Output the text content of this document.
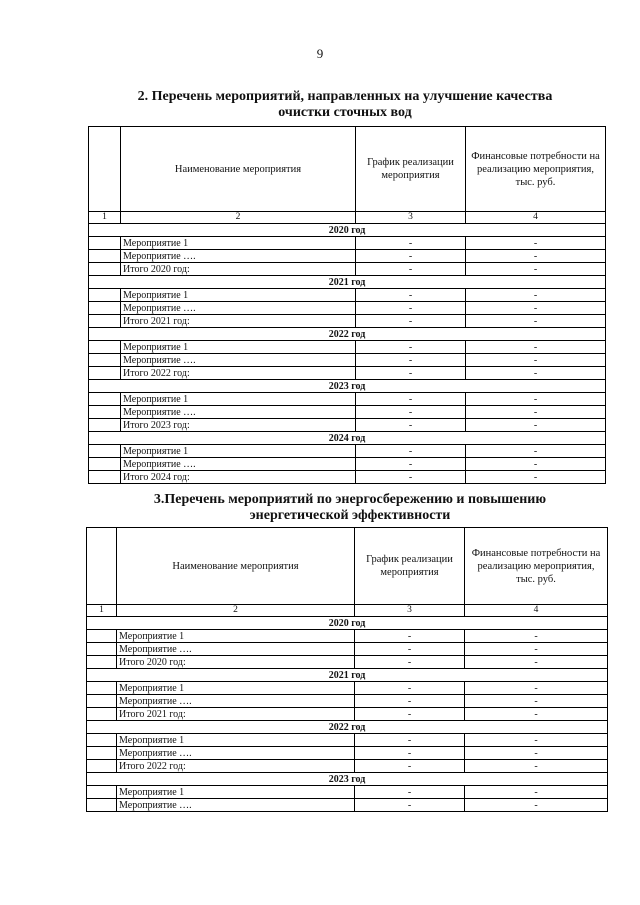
9
2. Перечень мероприятий, направленных на улучшение качества
очистки сточных вод
	Наименование мероприятия	График реализации мероприятия	Финансовые потребности на реализацию мероприятия, тыс. руб.
1	2	3	4
2020 год			
	Мероприятие 1	-	-
	Мероприятие ….	-	-
	Итого 2020 год:	-	-
2021 год			
	Мероприятие 1	-	-
	Мероприятие ….	-	-
	Итого 2021 год:	-	-
2022 год			
	Мероприятие 1	-	-
	Мероприятие ….	-	-
	Итого 2022 год:	-	-
2023 год			
	Мероприятие 1	-	-
	Мероприятие ….	-	-
	Итого 2023 год:	-	-
2024 год			
	Мероприятие 1	-	-
	Мероприятие ….	-	-
	Итого 2024 год:	-	-
3.Перечень мероприятий по энергосбережению и повышению
энергетической эффективности
	Наименование мероприятия	График реализации мероприятия	Финансовые потребности на реализацию мероприятия, тыс. руб.
1	2	3	4
2020 год			
	Мероприятие 1	-	-
	Мероприятие ….	-	-
	Итого 2020 год:	-	-
2021 год			
	Мероприятие 1	-	-
	Мероприятие ….	-	-
	Итого 2021 год:	-	-
2022 год			
	Мероприятие 1	-	-
	Мероприятие ….	-	-
	Итого 2022 год:	-	-
2023 год			
	Мероприятие 1	-	-
	Мероприятие ….	-	-
